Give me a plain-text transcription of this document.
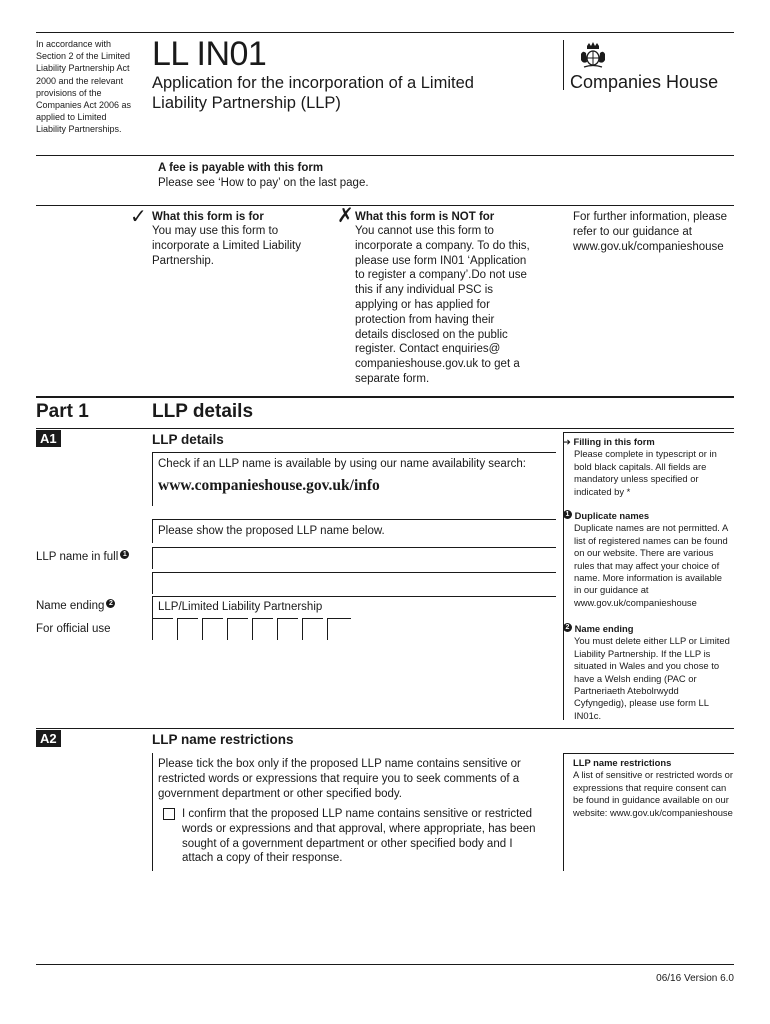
In accordance with Section 2 of the Limited Liability Partnership Act 2000 and the relevant provisions of the Companies Act 2006 as applied to Limited Liability Partnerships.
LL IN01
Application for the incorporation of a Limited Liability Partnership (LLP)
Companies House
A fee is payable with this form
Please see ‘How to pay’ on the last page.
✓ What this form is for
You may use this form to incorporate a Limited Liability Partnership.
✗ What this form is NOT for
You cannot use this form to incorporate a company. To do this, please use form IN01 ‘Application to register a company’.Do not use this if any individual PSC is applying or has applied for protection from having their details disclosed on the public register. Contact enquiries@ companieshouse.gov.uk to get a separate form.
For further information, please refer to our guidance at www.gov.uk/companieshouse
Part 1	LLP details
A1	LLP details
Check if an LLP name is available by using our name availability search:
www.companieshouse.gov.uk/info
Please show the proposed LLP name below.
LLP name in full 1
Name ending 2	LLP/Limited Liability Partnership
For official use
➜ Filling in this form
Please complete in typescript or in bold black capitals. All fields are mandatory unless specified or indicated by *
1 Duplicate names
Duplicate names are not permitted. A list of registered names can be found on our website. There are various rules that may affect your choice of name. More information is available in our guidance at www.gov.uk/companieshouse
2 Name ending
You must delete either LLP or Limited Liability Partnership. If the LLP is situated in Wales and you chose to have a Welsh ending (PAC or Partneriaeth Atebolrwydd Cyfyngedig), please use form LL IN01c.
A2	LLP name restrictions
Please tick the box only if the proposed LLP name contains sensitive or restricted words or expressions that require you to seek comments of a government department or other specified body.
I confirm that the proposed LLP name contains sensitive or restricted words or expressions and that approval, where appropriate, has been sought of a government department or other specified body and I attach a copy of their response.
LLP name restrictions
A list of sensitive or restricted words or expressions that require consent can be found in guidance available on our website: www.gov.uk/companieshouse
06/16 Version 6.0
